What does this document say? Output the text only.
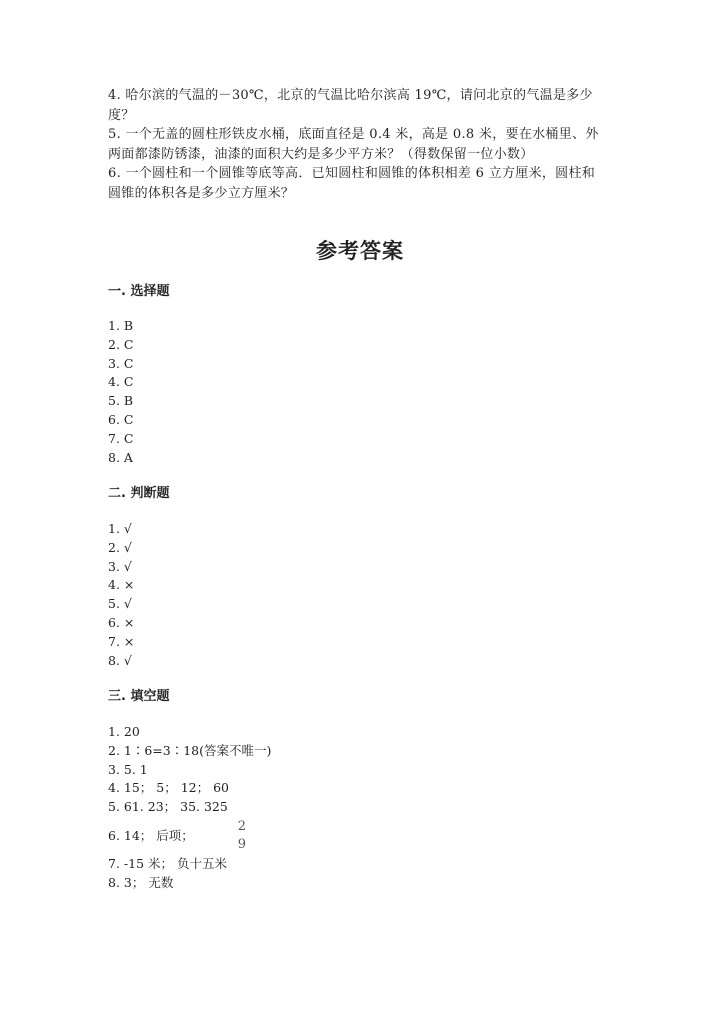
4. 哈尔滨的气温的－30℃，北京的气温比哈尔滨高 19℃，请问北京的气温是多少度？

5. 一个无盖的圆柱形铁皮水桶，底面直径是 0.4 米，高是 0.8 米，要在水桶里、外两面都漆防锈漆，油漆的面积大约是多少平方米？（得数保留一位小数）

6. 一个圆柱和一个圆锥等底等高．已知圆柱和圆锥的体积相差 6 立方厘米，圆柱和圆锥的体积各是多少立方厘米？

参考答案
一. 选择题
1. B
2. C
3. C
4. C
5. B
6. C
7. C
8. A
二. 判断题
1. √
2. √
3. √
4. ×
5. √
6. ×
7. ×
8. √
三. 填空题
1. 20
2. 1∶6=3∶18(答案不唯一)
3. 5. 1
4. 15； 5； 12； 60
5. 61. 23； 35. 325
6. 14； 后项；
2
9
7. -15 米； 负十五米
8. 3； 无数
